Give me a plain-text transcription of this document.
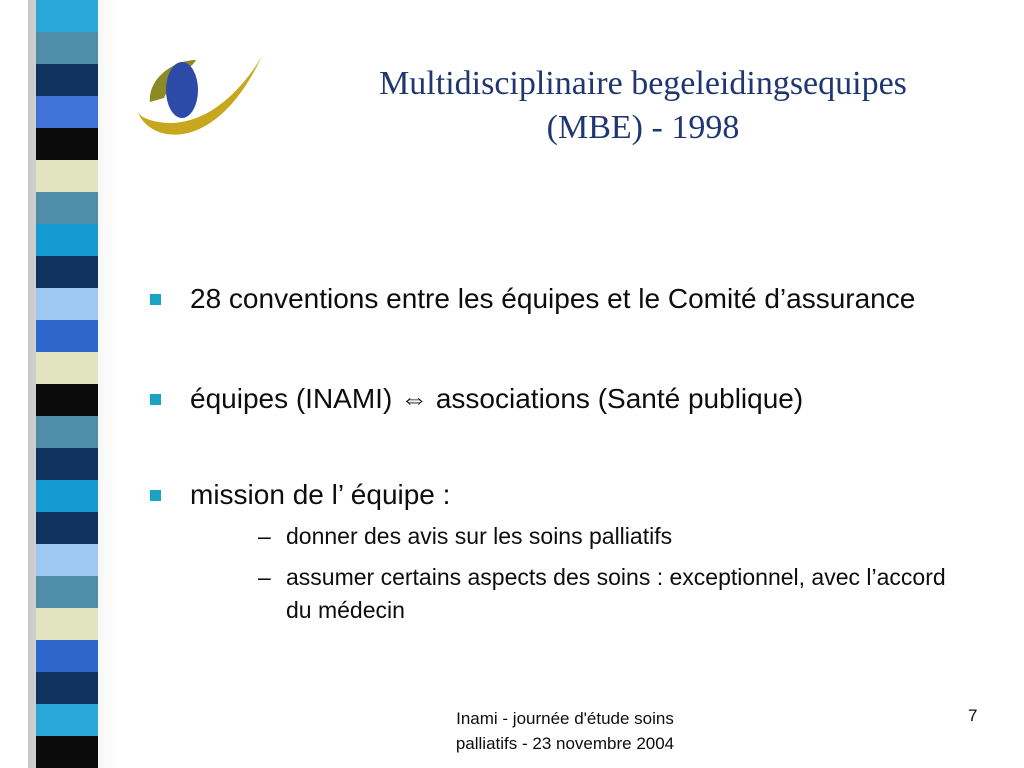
Multidisciplinaire begeleidingsequipes
(MBE) - 1998
28 conventions entre les équipes et le Comité d’assurance
équipes (INAMI) ⇔ associations (Santé publique)
mission de l’ équipe :
– donner des avis sur les soins palliatifs
– assumer certains aspects des soins : exceptionnel, avec l’accord du médecin
Inami - journée d'étude soins
palliatifs - 23 novembre 2004
7
